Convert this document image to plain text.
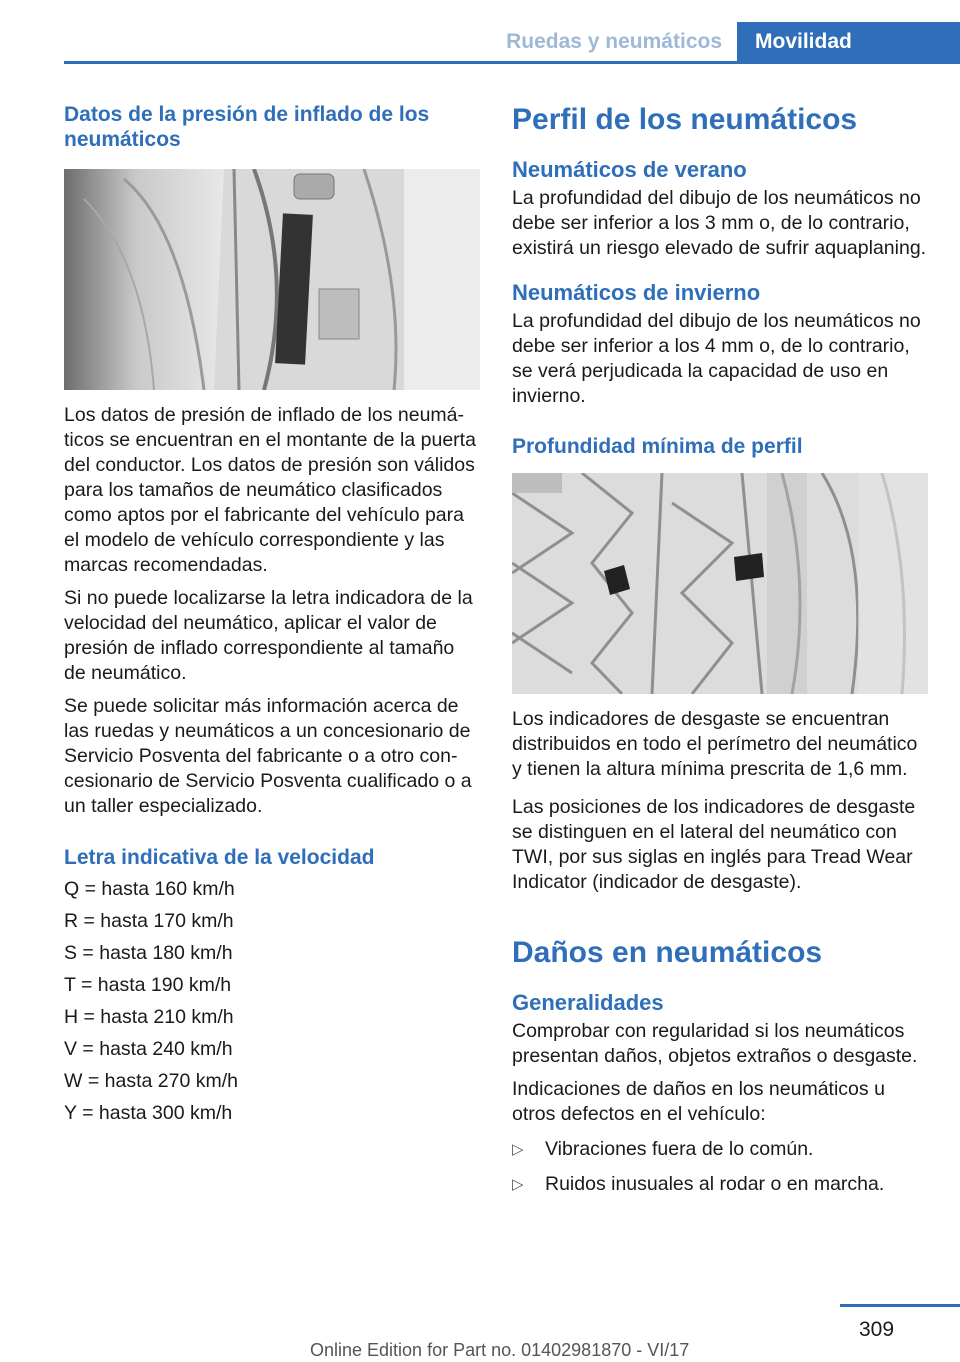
Ruedas y neumáticos	Movilidad
Datos de la presión de inflado de los neumáticos

Los datos de presión de inflado de los neumáticos se encuentran en el montante de la puerta del conductor. Los datos de presión son válidos para los tamaños de neumático clasificados como aptos por el fabricante del vehículo para el modelo de vehículo correspondiente y las marcas recomendadas.

Si no puede localizarse la letra indicadora de la velocidad del neumático, aplicar el valor de presión de inflado correspondiente al tamaño de neumático.

Se puede solicitar más información acerca de las ruedas y neumáticos a un concesionario de Servicio Posventa del fabricante o a otro concesionario de Servicio Posventa cualificado o a un taller especializado.

Letra indicativa de la velocidad
Q = hasta 160 km/h
R = hasta 170 km/h
S = hasta 180 km/h
T = hasta 190 km/h
H = hasta 210 km/h
V = hasta 240 km/h
W = hasta 270 km/h
Y = hasta 300 km/h
Perfil de los neumáticos
Neumáticos de verano

La profundidad del dibujo de los neumáticos no debe ser inferior a los 3 mm o, de lo contrario, existirá un riesgo elevado de sufrir aquaplaning.

Neumáticos de invierno

La profundidad del dibujo de los neumáticos no debe ser inferior a los 4 mm o, de lo contrario, se verá perjudicada la capacidad de uso en invierno.

Profundidad mínima de perfil

Los indicadores de desgaste se encuentran distribuidos en todo el perímetro del neumático y tienen la altura mínima prescrita de 1,6 mm.

Las posiciones de los indicadores de desgaste se distinguen en el lateral del neumático con TWI, por sus siglas en inglés para Tread Wear Indicator (indicador de desgaste).

Daños en neumáticos
Generalidades

Comprobar con regularidad si los neumáticos presentan daños, objetos extraños o desgaste.

Indicaciones de daños en los neumáticos u otros defectos en el vehículo:

▷ Vibraciones fuera de lo común.
▷ Ruidos inusuales al rodar o en marcha.
309
Online Edition for Part no. 01402981870 - VI/17
